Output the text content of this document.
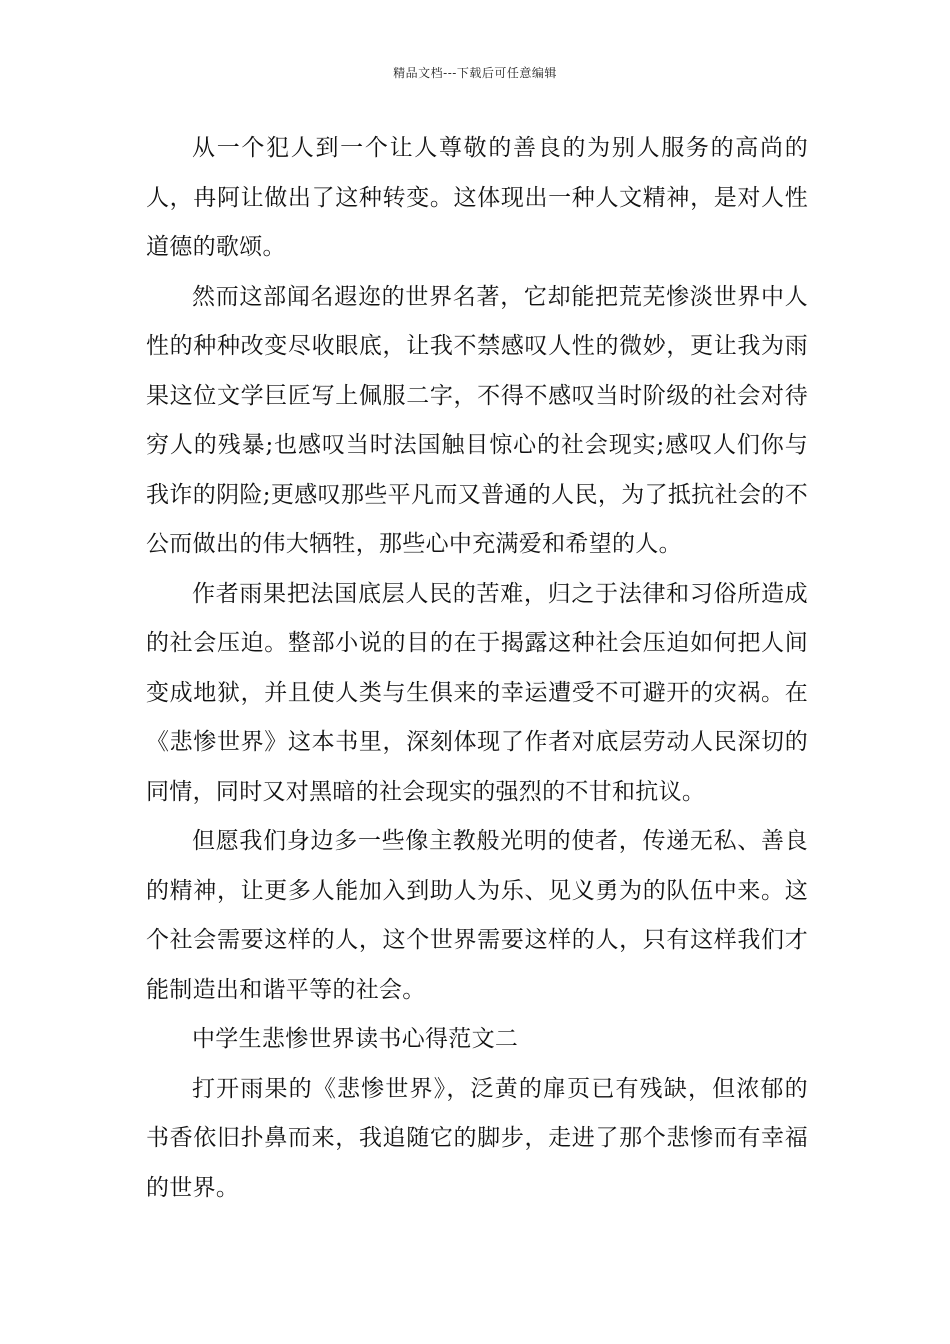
精品文档---下载后可任意编辑

从一个犯人到一个让人尊敬的善良的为别人服务的高尚的人，冉阿让做出了这种转变。这体现出一种人文精神，是对人性道德的歌颂。

然而这部闻名遐迩的世界名著，它却能把荒芜惨淡世界中人性的种种改变尽收眼底，让我不禁感叹人性的微妙，更让我为雨果这位文学巨匠写上佩服二字，不得不感叹当时阶级的社会对待穷人的残暴;也感叹当时法国触目惊心的社会现实;感叹人们你与我诈的阴险;更感叹那些平凡而又普通的人民，为了抵抗社会的不公而做出的伟大牺牲，那些心中充满爱和希望的人。

作者雨果把法国底层人民的苦难，归之于法律和习俗所造成的社会压迫。整部小说的目的在于揭露这种社会压迫如何把人间变成地狱，并且使人类与生俱来的幸运遭受不可避开的灾祸。在《悲惨世界》这本书里，深刻体现了作者对底层劳动人民深切的同情，同时又对黑暗的社会现实的强烈的不甘和抗议。

但愿我们身边多一些像主教般光明的使者，传递无私、善良的精神，让更多人能加入到助人为乐、见义勇为的队伍中来。这个社会需要这样的人，这个世界需要这样的人，只有这样我们才能制造出和谐平等的社会。

中学生悲惨世界读书心得范文二

打开雨果的《悲惨世界》，泛黄的扉页已有残缺，但浓郁的书香依旧扑鼻而来，我追随它的脚步，走进了那个悲惨而有幸福的世界。
